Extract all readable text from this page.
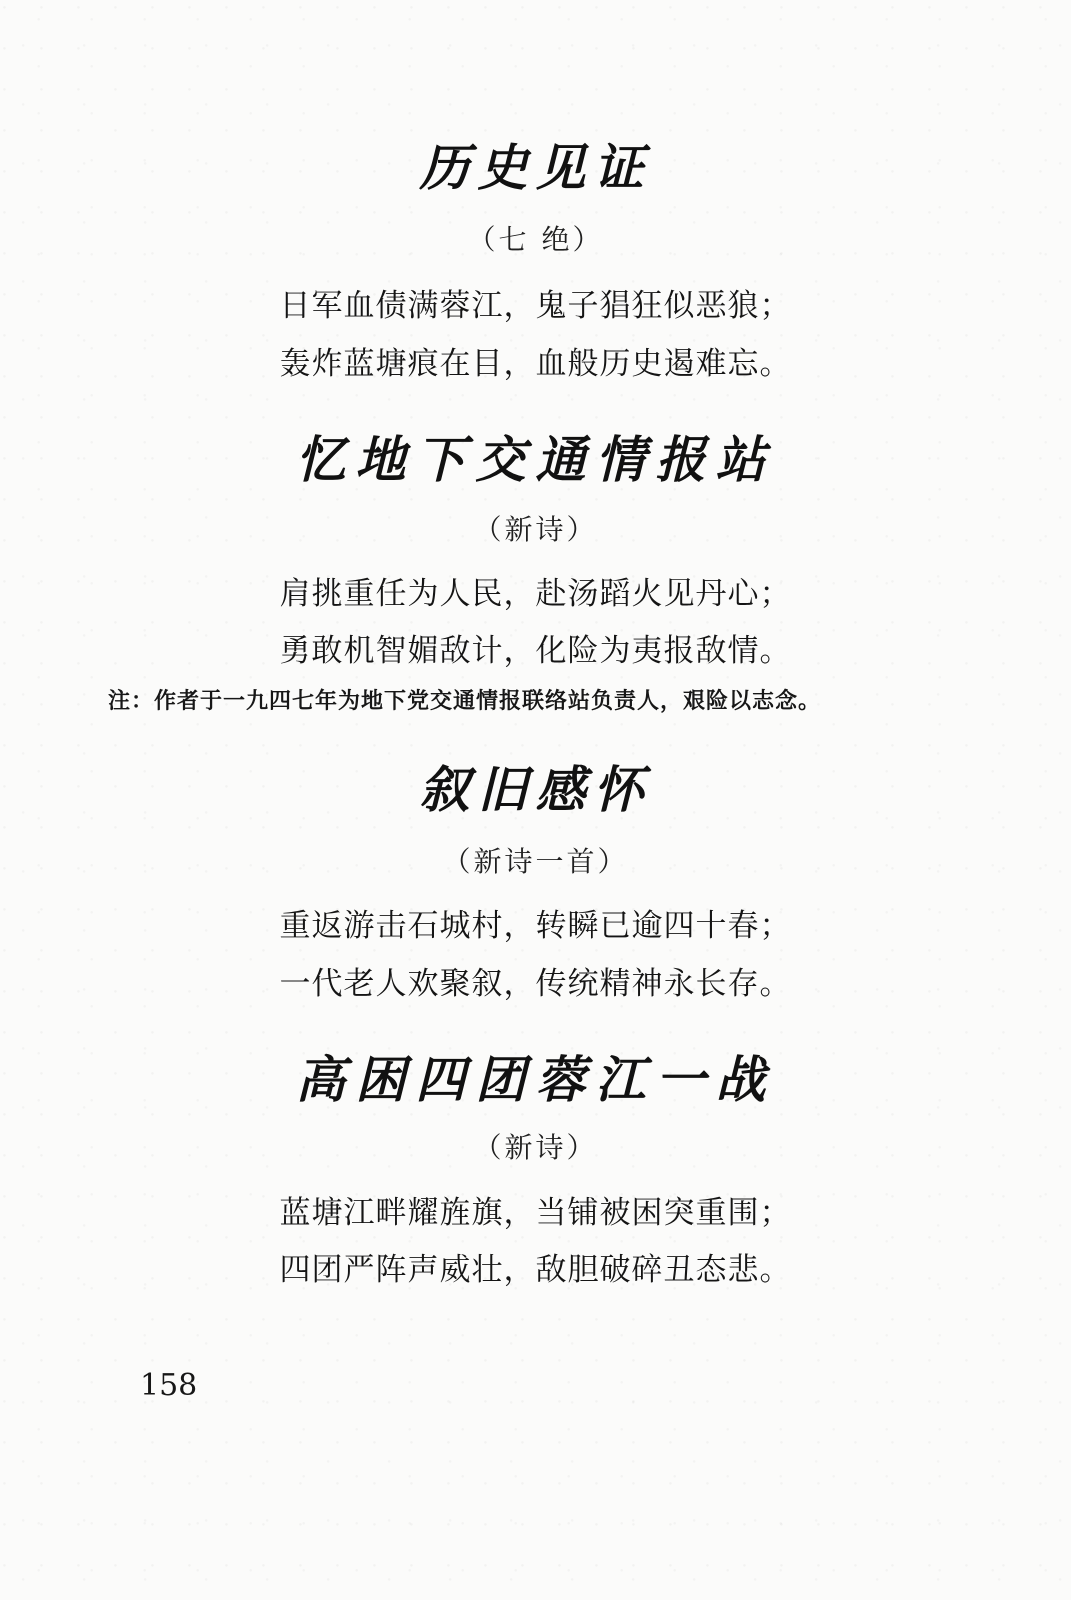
历史见证
（七 绝）
日军血债满蓉江，鬼子猖狂似恶狼；
轰炸蓝塘痕在目，血般历史遏难忘。
忆地下交通情报站
（新诗）
肩挑重任为人民，赴汤蹈火见丹心；
勇敢机智媚敌计，化险为夷报敌情。
注：作者于一九四七年为地下党交通情报联络站负责人，艰险以志念。
叙旧感怀
（新诗一首）
重返游击石城村，转瞬已逾四十春；
一代老人欢聚叙，传统精神永长存。
高困四团蓉江一战
（新诗）
蓝塘江畔耀旌旗，当铺被困突重围；
四团严阵声威壮，敌胆破碎丑态悲。
158
